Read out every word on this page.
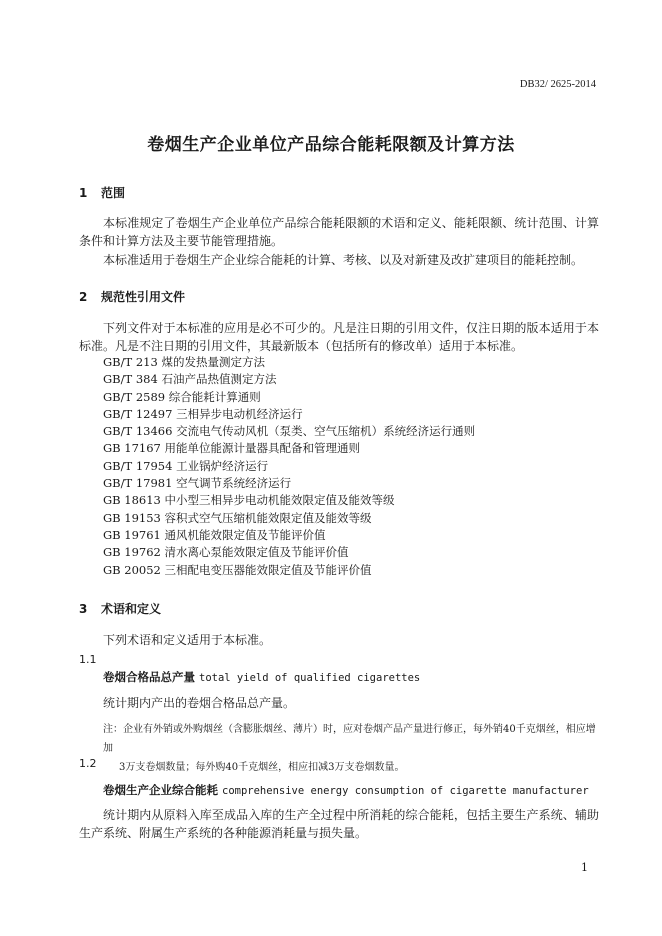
DB32/ 2625-2014
卷烟生产企业单位产品综合能耗限额及计算方法
1 范围
本标准规定了卷烟生产企业单位产品综合能耗限额的术语和定义、能耗限额、统计范围、计算条件和计算方法及主要节能管理措施。
本标准适用于卷烟生产企业综合能耗的计算、考核、以及对新建及改扩建项目的能耗控制。
2 规范性引用文件
下列文件对于本标准的应用是必不可少的。凡是注日期的引用文件，仅注日期的版本适用于本标准。凡是不注日期的引用文件，其最新版本（包括所有的修改单）适用于本标准。
GB/T 213 煤的发热量测定方法
GB/T 384 石油产品热值测定方法
GB/T 2589 综合能耗计算通则
GB/T 12497 三相异步电动机经济运行
GB/T 13466 交流电气传动风机（泵类、空气压缩机）系统经济运行通则
GB 17167 用能单位能源计量器具配备和管理通则
GB/T 17954 工业锅炉经济运行
GB/T 17981 空气调节系统经济运行
GB 18613 中小型三相异步电动机能效限定值及能效等级
GB 19153 容积式空气压缩机能效限定值及能效等级
GB 19761 通风机能效限定值及节能评价值
GB 19762 清水离心泵能效限定值及节能评价值
GB 20052 三相配电变压器能效限定值及节能评价值
3 术语和定义
下列术语和定义适用于本标准。
1.1
卷烟合格品总产量 total yield of qualified cigarettes
统计期内产出的卷烟合格品总产量。
注：企业有外销或外购烟丝（含膨胀烟丝、薄片）时，应对卷烟产品产量进行修正，每外销40千克烟丝，相应增加
3万支卷烟数量；每外购40千克烟丝，相应扣减3万支卷烟数量。
1.2
卷烟生产企业综合能耗 comprehensive energy consumption of cigarette manufacturer
统计期内从原料入库至成品入库的生产全过程中所消耗的综合能耗，包括主要生产系统、辅助生产系统、附属生产系统的各种能源消耗量与损失量。
1
